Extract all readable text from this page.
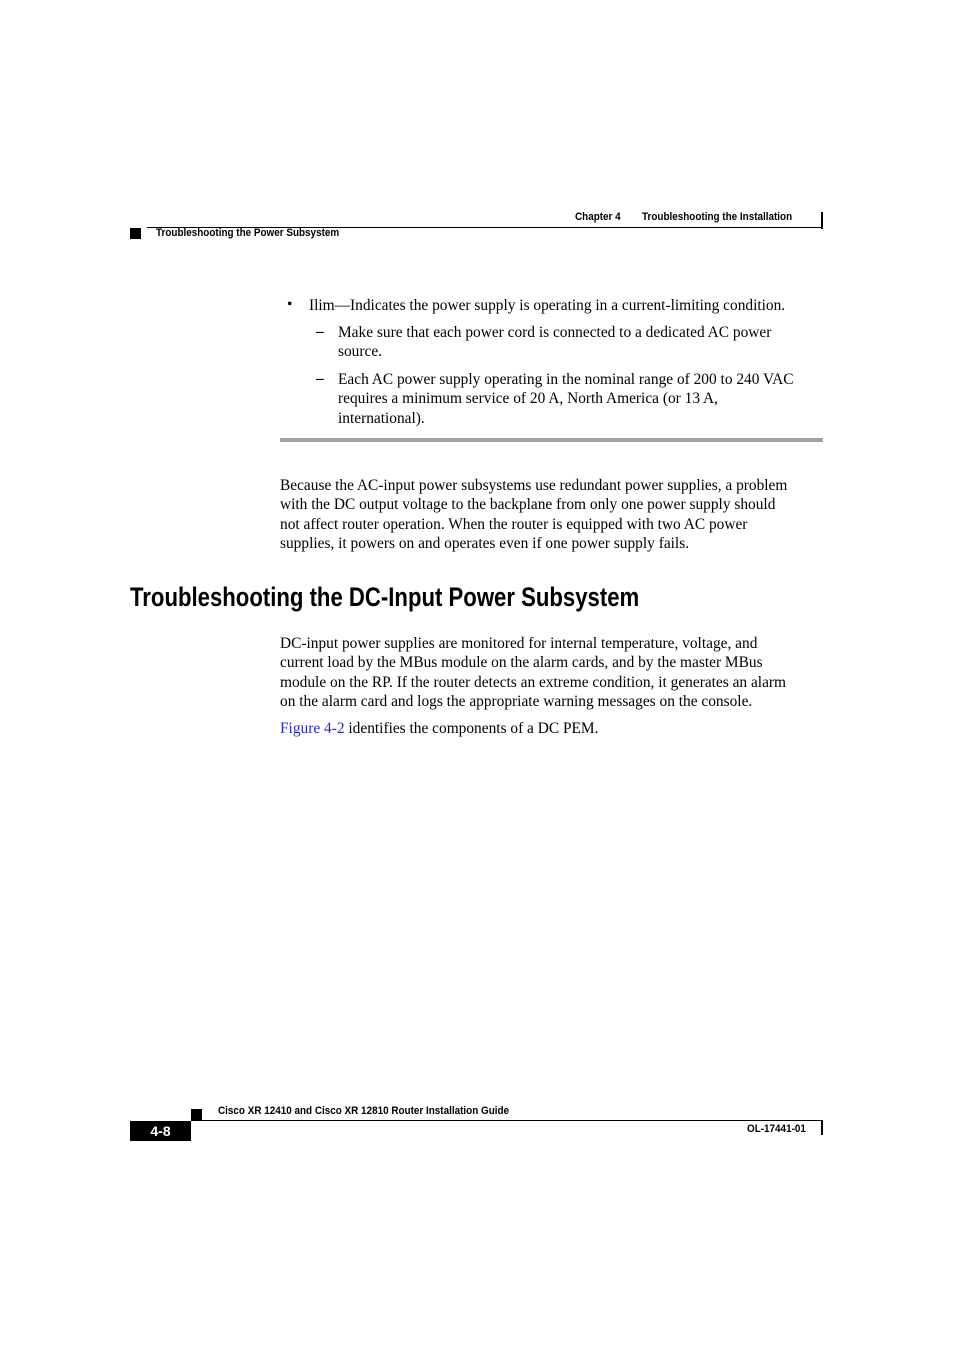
Chapter 4 Troubleshooting the Installation
Troubleshooting the Power Subsystem
• Ilim—Indicates the power supply is operating in a current-limiting condition.
– Make sure that each power cord is connected to a dedicated AC power
source.
– Each AC power supply operating in the nominal range of 200 to 240 VAC
requires a minimum service of 20 A, North America (or 13 A,
international).
Because the AC-input power subsystems use redundant power supplies, a problem
with the DC output voltage to the backplane from only one power supply should
not affect router operation. When the router is equipped with two AC power
supplies, it powers on and operates even if one power supply fails.
Troubleshooting the DC-Input Power Subsystem
DC-input power supplies are monitored for internal temperature, voltage, and
current load by the MBus module on the alarm cards, and by the master MBus
module on the RP. If the router detects an extreme condition, it generates an alarm
on the alarm card and logs the appropriate warning messages on the console.
Figure 4-2 identifies the components of a DC PEM.
Cisco XR 12410 and Cisco XR 12810 Router Installation Guide
4-8	OL-17441-01
